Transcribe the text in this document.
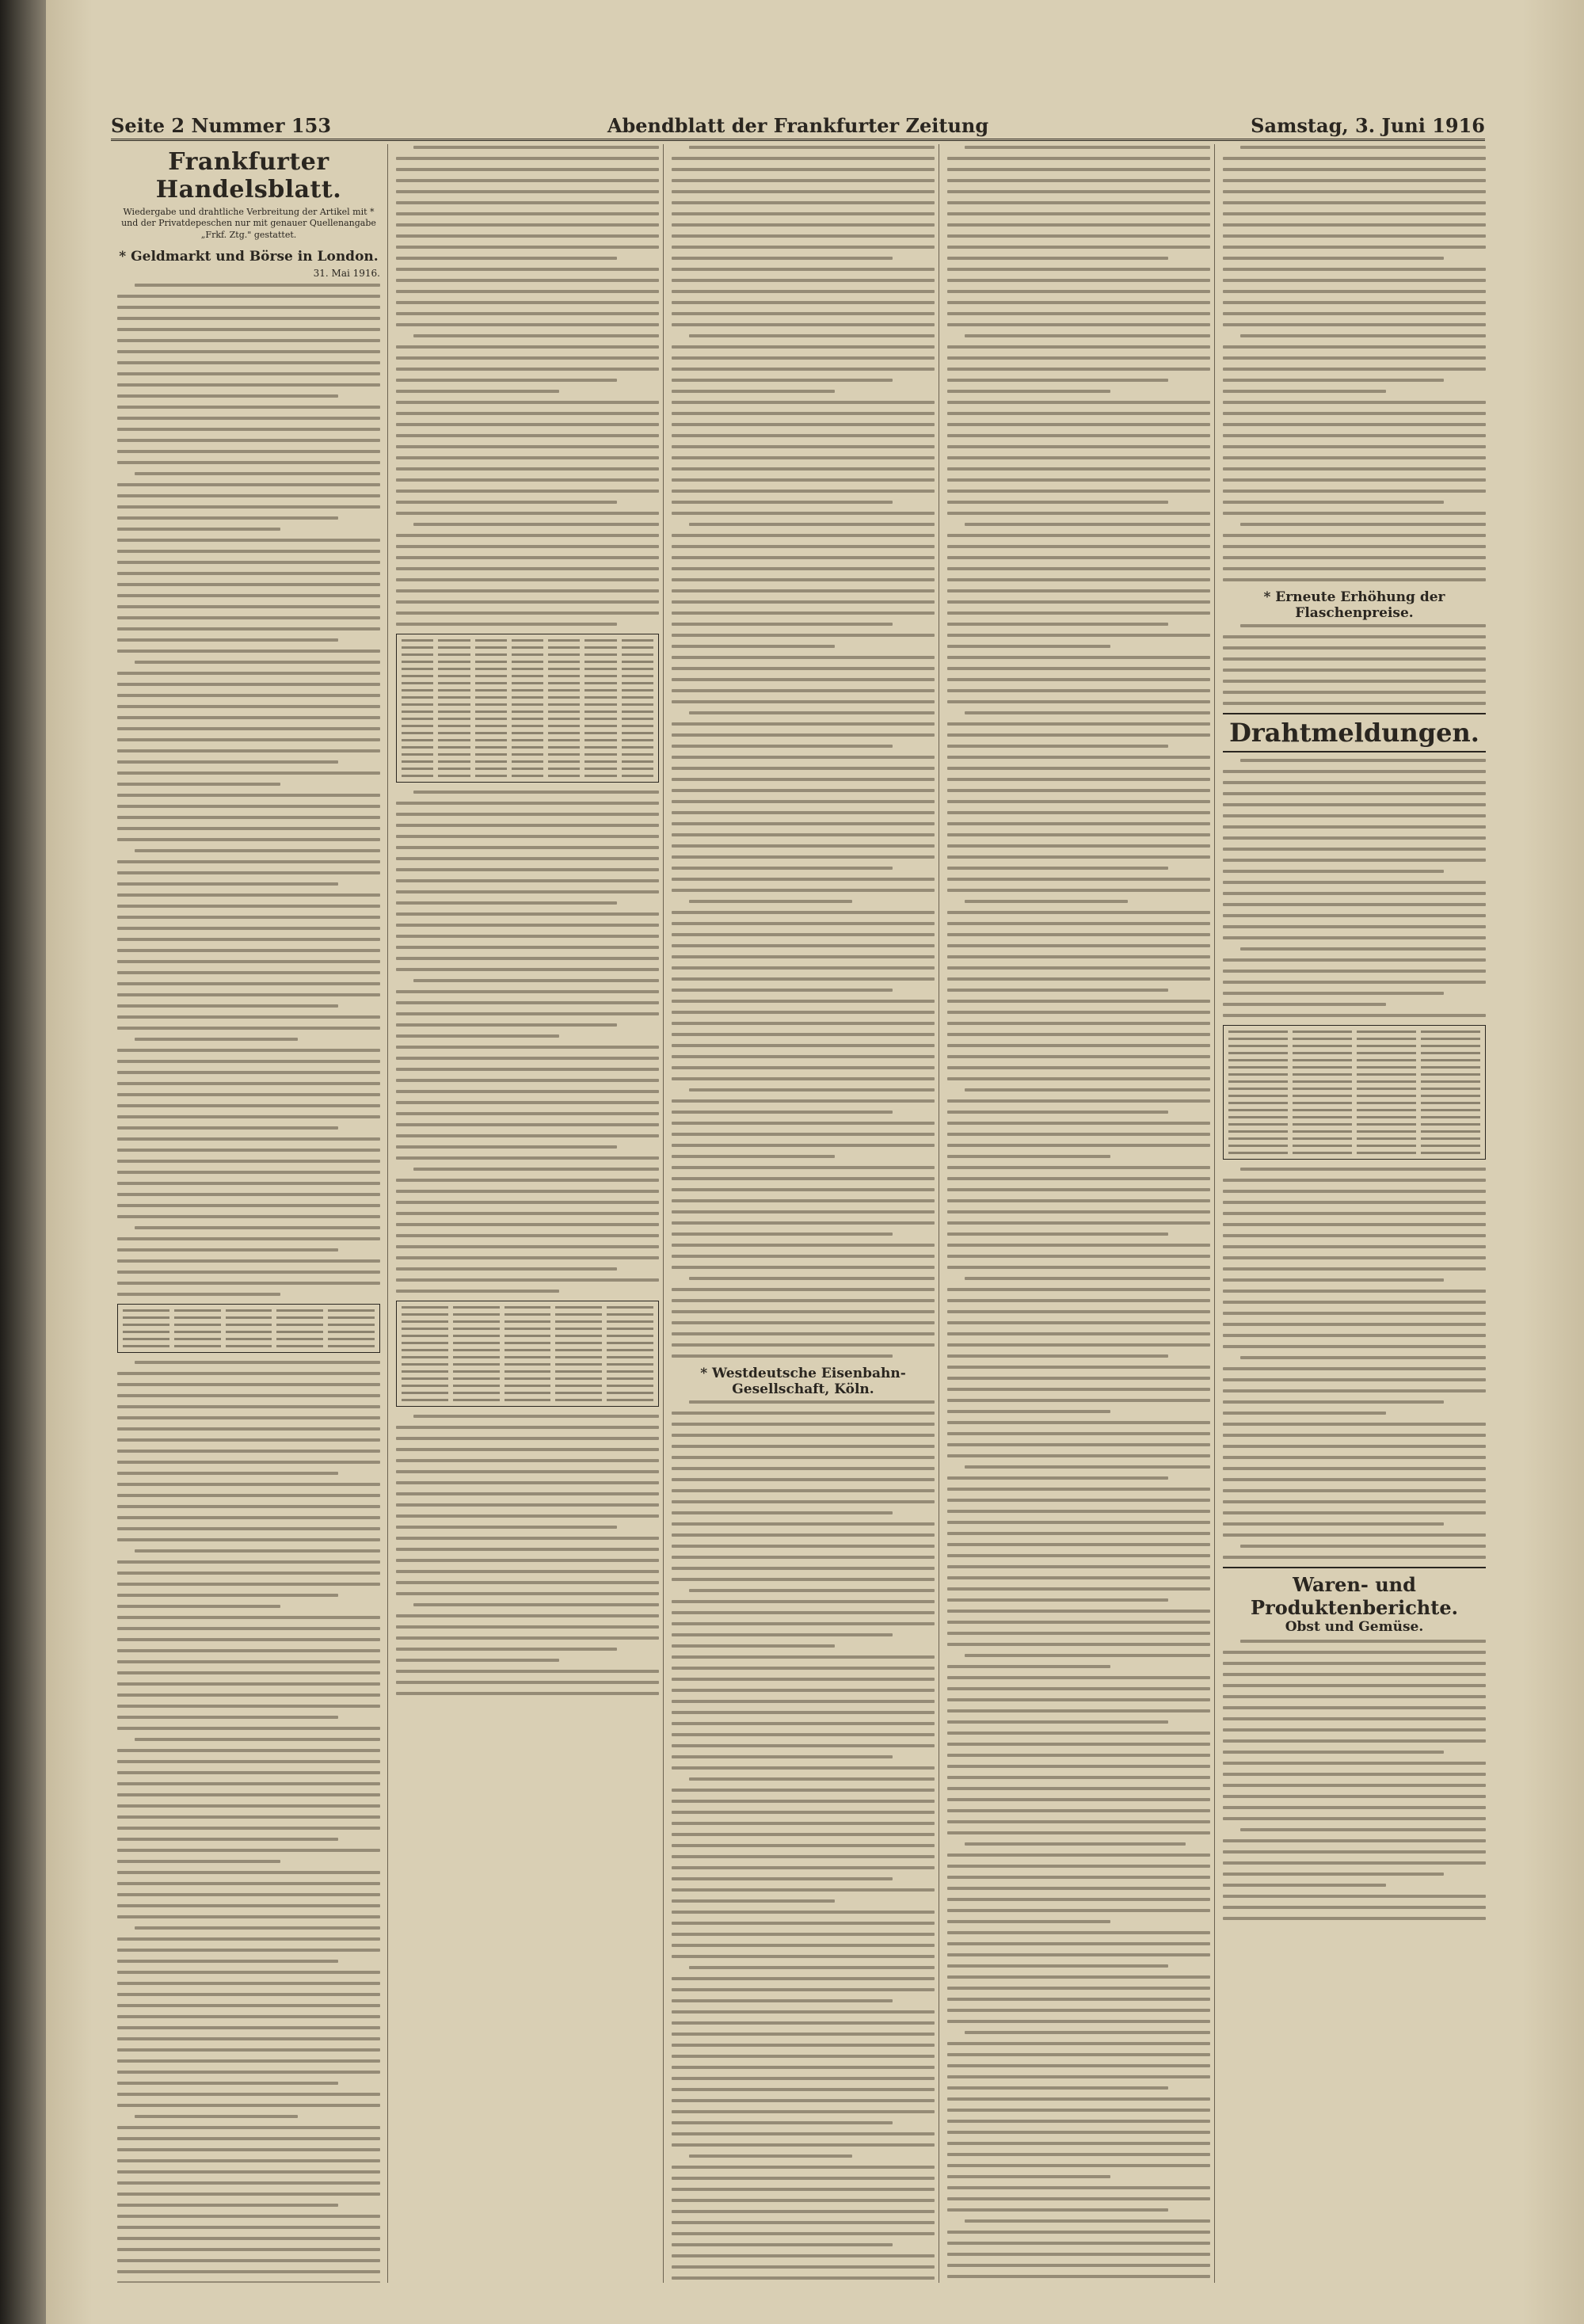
Seite 2 Nummer 153	Abendblatt der Frankfurter Zeitung	Samstag, 3. Juni 1916
Frankfurter Handelsblatt.
Wiedergabe und drahtliche Verbreitung der Artikel mit * und der Privatdepeschen nur mit genauer Quellenangabe „Frkf. Ztg." gestattet.
* Geldmarkt und Börse in London.
31. Mai 1916.
* Westdeutsche Eisenbahn-Gesellschaft, Köln.
* Erneute Erhöhung der Flaschenpreise.
Drahtmeldungen.
Waren- und Produktenberichte.
Obst und Gemüse.
